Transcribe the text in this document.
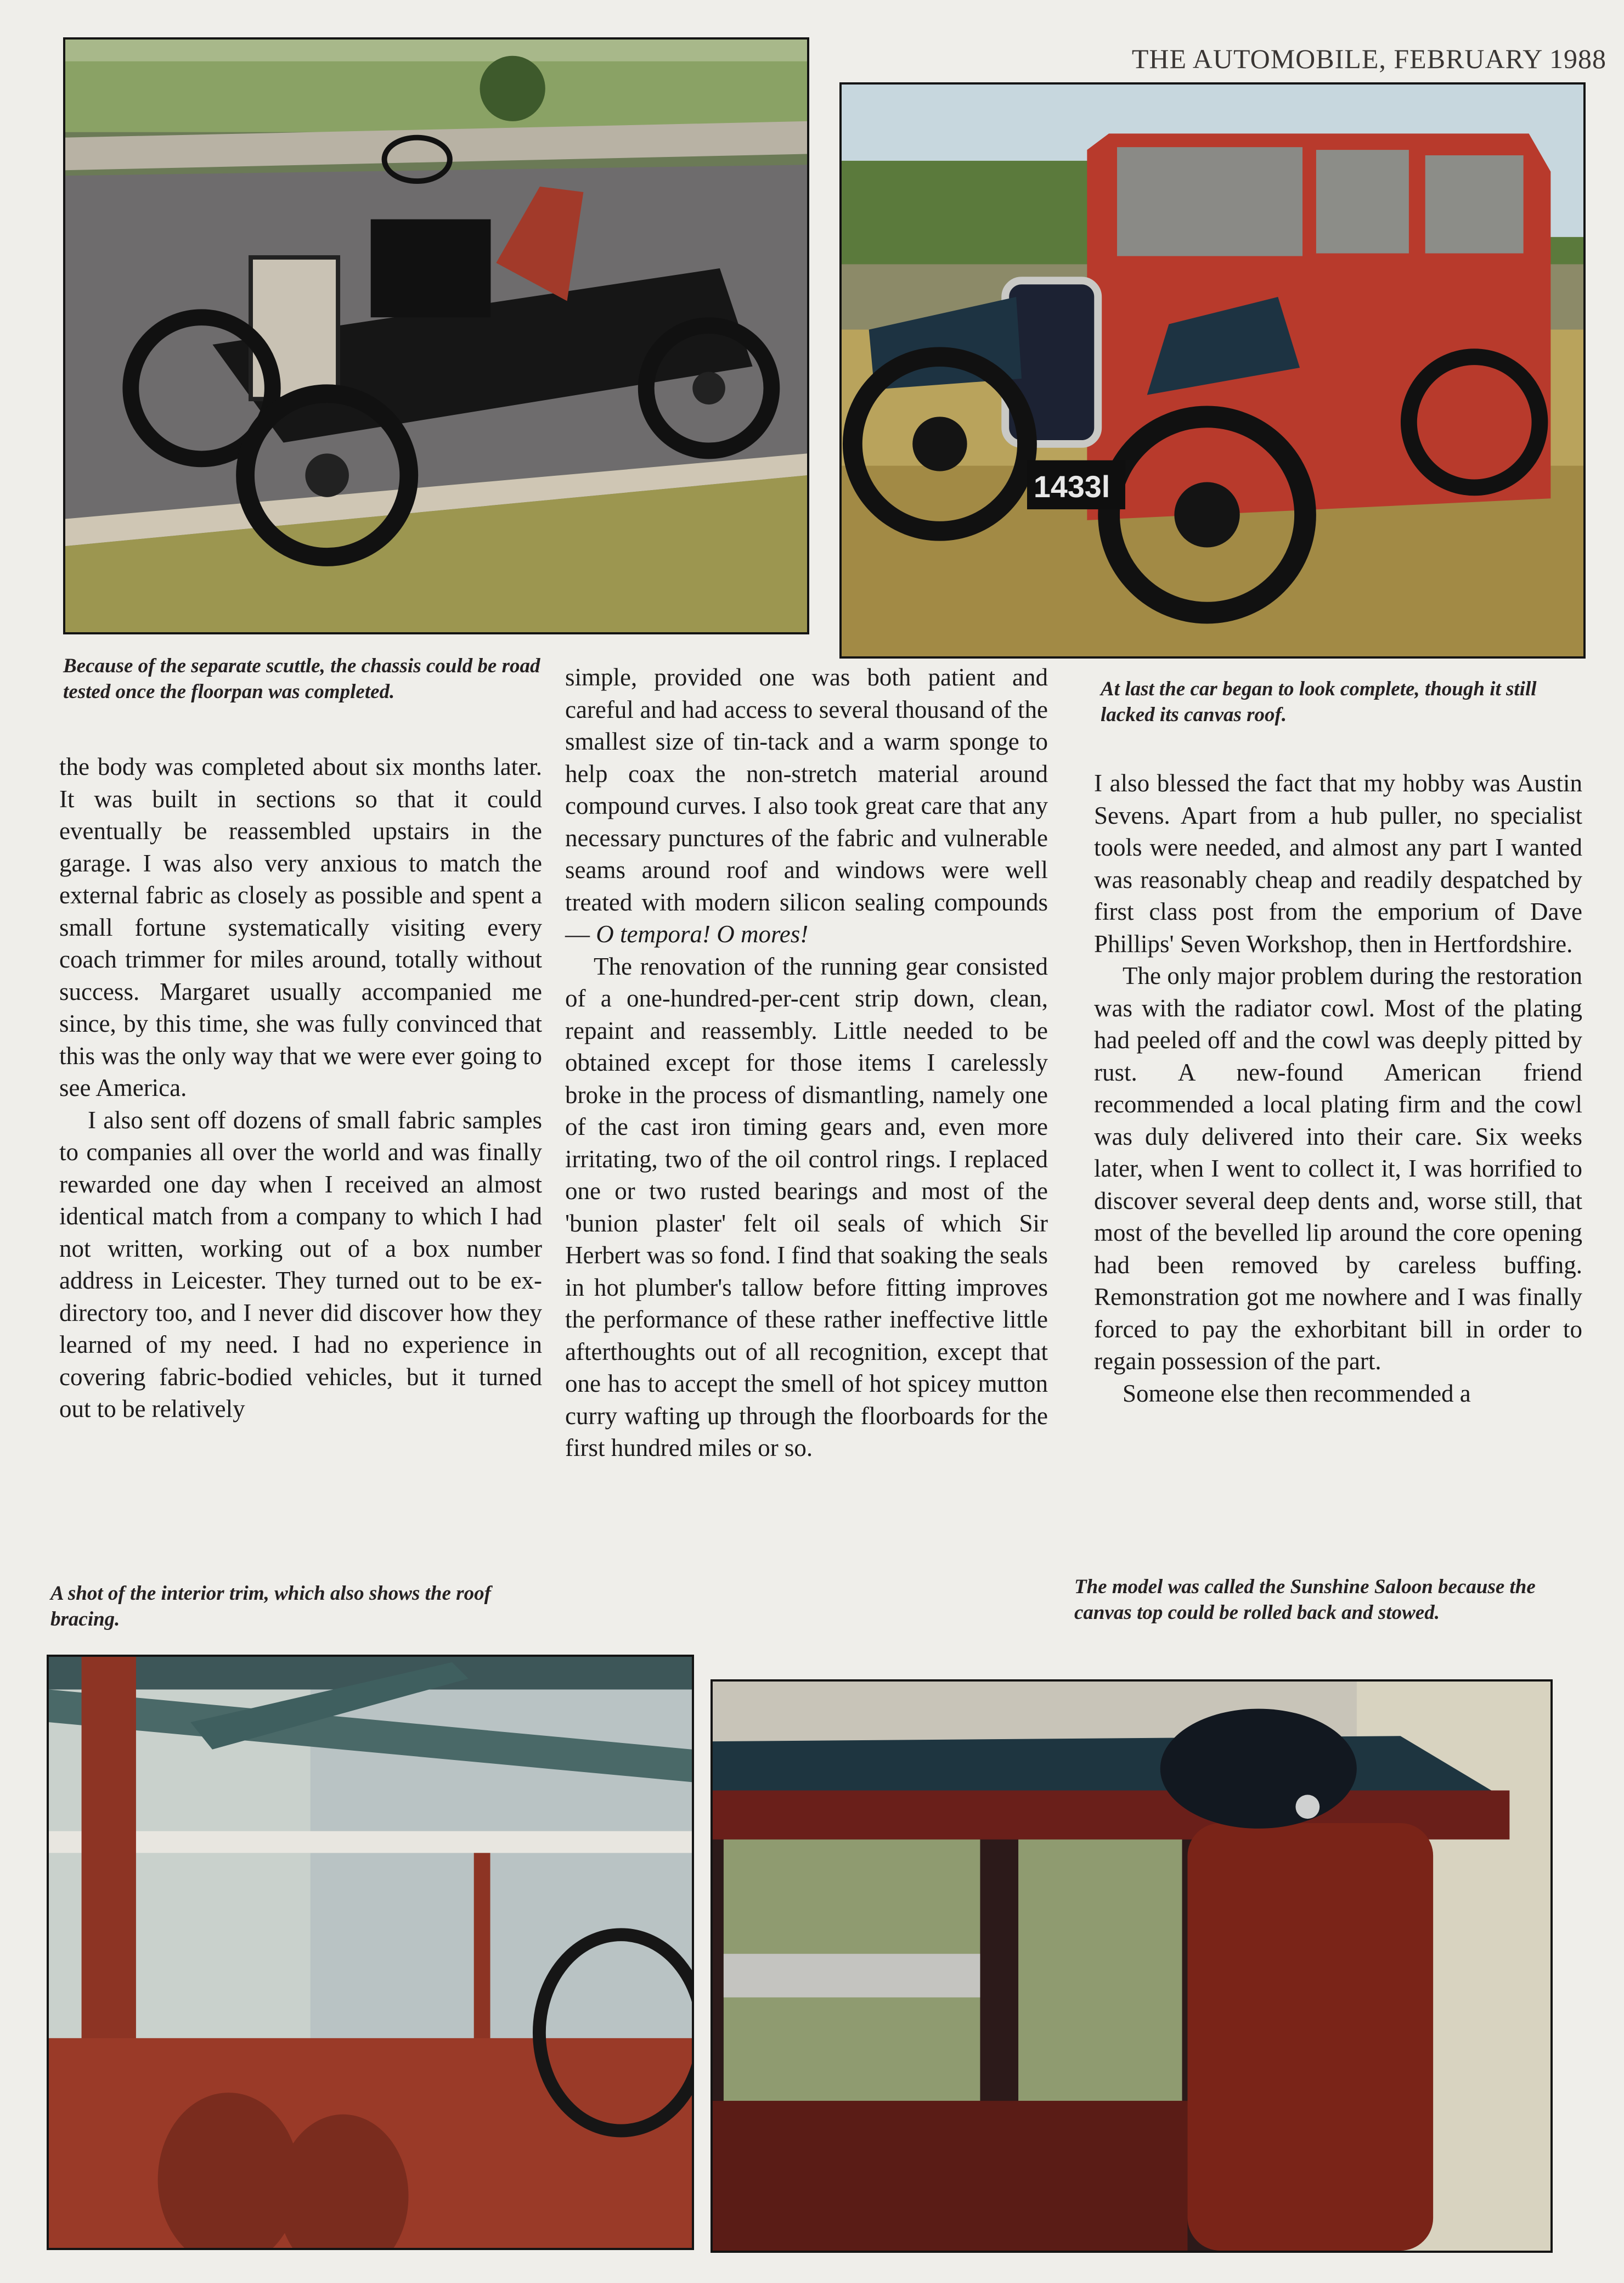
THE AUTOMOBILE, FEBRUARY 1988
1433l
Because of the separate scuttle, the chassis could be road tested once the floorpan was completed.	At last the car began to look complete, though it still lacked its canvas roof.

the body was completed about six months later. It was built in sections so that it could eventually be reassembled upstairs in the garage. I was also very anxious to match the external fabric as closely as possible and spent a small fortune systematically visiting every coach trimmer for miles around, totally without success. Margaret usually accompanied me since, by this time, she was fully convinced that this was the only way that we were ever going to see America.

I also sent off dozens of small fabric samples to companies all over the world and was finally rewarded one day when I received an almost identical match from a company to which I had not written, working out of a box number address in Leicester. They turned out to be ex-directory too, and I never did discover how they learned of my need. I had no experience in covering fabric-bodied vehicles, but it turned out to be relatively

simple, provided one was both patient and careful and had access to several thousand of the smallest size of tin-tack and a warm sponge to help coax the non-stretch material around compound curves. I also took great care that any necessary punctures of the fabric and vulnerable seams around roof and windows were well treated with modern silicon sealing compounds — O tempora! O mores!

The renovation of the running gear consisted of a one-hundred-per-cent strip down, clean, repaint and reassembly. Little needed to be obtained except for those items I carelessly broke in the process of dismantling, namely one of the cast iron timing gears and, even more irritating, two of the oil control rings. I replaced one or two rusted bearings and most of the 'bunion plaster' felt oil seals of which Sir Herbert was so fond. I find that soaking the seals in hot plumber's tallow before fitting improves the performance of these rather ineffective little afterthoughts out of all recognition, except that one has to accept the smell of hot spicey mutton curry wafting up through the floorboards for the first hundred miles or so.

I also blessed the fact that my hobby was Austin Sevens. Apart from a hub puller, no specialist tools were needed, and almost any part I wanted was reasonably cheap and readily despatched by first class post from the emporium of Dave Phillips' Seven Workshop, then in Hertfordshire.

The only major problem during the restoration was with the radiator cowl. Most of the plating had peeled off and the cowl was deeply pitted by rust. A new-found American friend recommended a local plating firm and the cowl was duly delivered into their care. Six weeks later, when I went to collect it, I was horrified to discover several deep dents and, worse still, that most of the bevelled lip around the core opening had been removed by careless buffing. Remonstration got me nowhere and I was finally forced to pay the exhorbitant bill in order to regain possession of the part.

Someone else then recommended a

A shot of the interior trim, which also shows the roof bracing.
The model was called the Sunshine Saloon because the canvas top could be rolled back and stowed.
